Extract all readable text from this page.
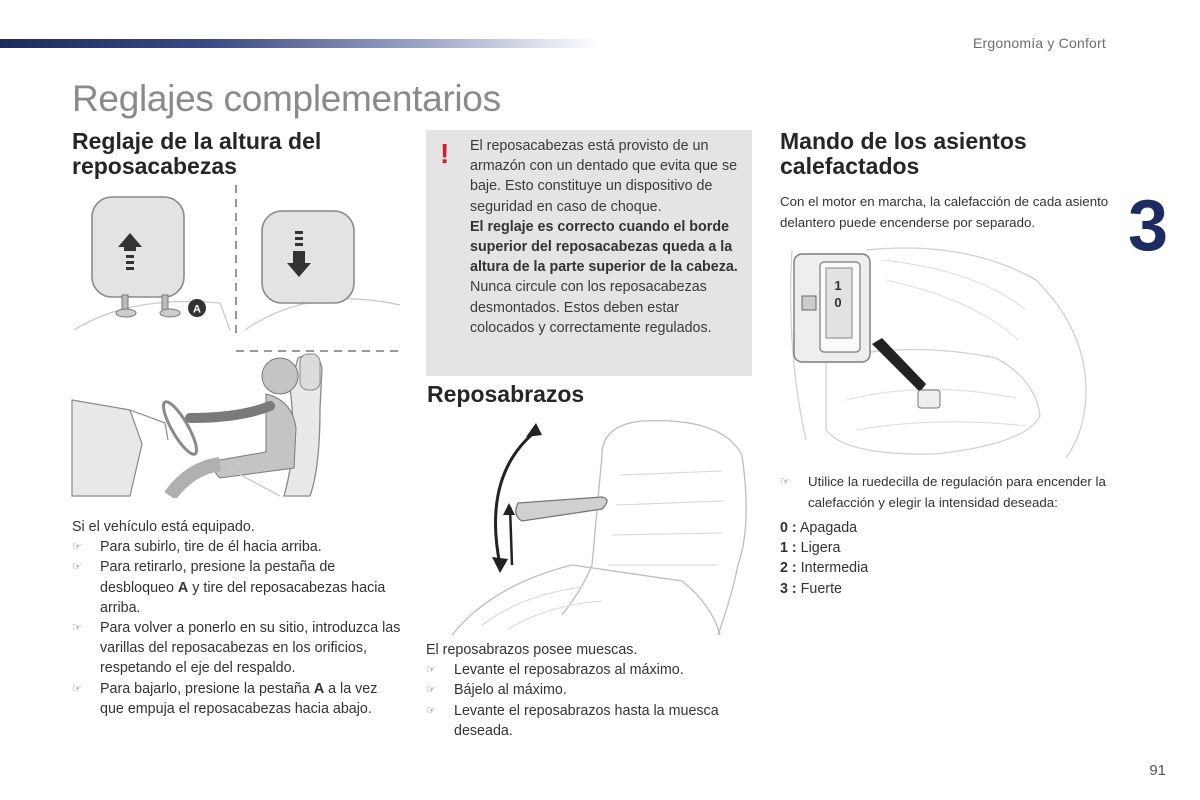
Ergonomía y Confort
Reglajes complementarios
3
91
Reglaje de la altura del reposacabezas
A

Si el vehículo está equipado.

☞ Para subirlo, tire de él hacia arriba.
☞ Para retirarlo, presione la pestaña de desbloqueo A y tire del reposacabezas hacia arriba.
☞ Para volver a ponerlo en su sitio, introduzca las varillas del reposacabezas en los orificios, respetando el eje del respaldo.
☞ Para bajarlo, presione la pestaña A a la vez que empuja el reposacabezas hacia abajo.
! El reposacabezas está provisto de un armazón con un dentado que evita que se baje. Esto constituye un dispositivo de seguridad en caso de choque.
El reglaje es correcto cuando el borde superior del reposacabezas queda a la altura de la parte superior de la cabeza.
Nunca circule con los reposacabezas desmontados. Estos deben estar colocados y correctamente regulados.
Reposabrazos

El reposabrazos posee muescas.

☞ Levante el reposabrazos al máximo.
☞ Bájelo al máximo.
☞ Levante el reposabrazos hasta la muesca deseada.
Mando de los asientos calefactados

Con el motor en marcha, la calefacción de cada asiento delantero puede encenderse por separado.

1
0
☞ Utilice la ruedecilla de regulación para encender la calefacción y elegir la intensidad deseada:
0 : Apagada
1 : Ligera
2 : Intermedia
3 : Fuerte
